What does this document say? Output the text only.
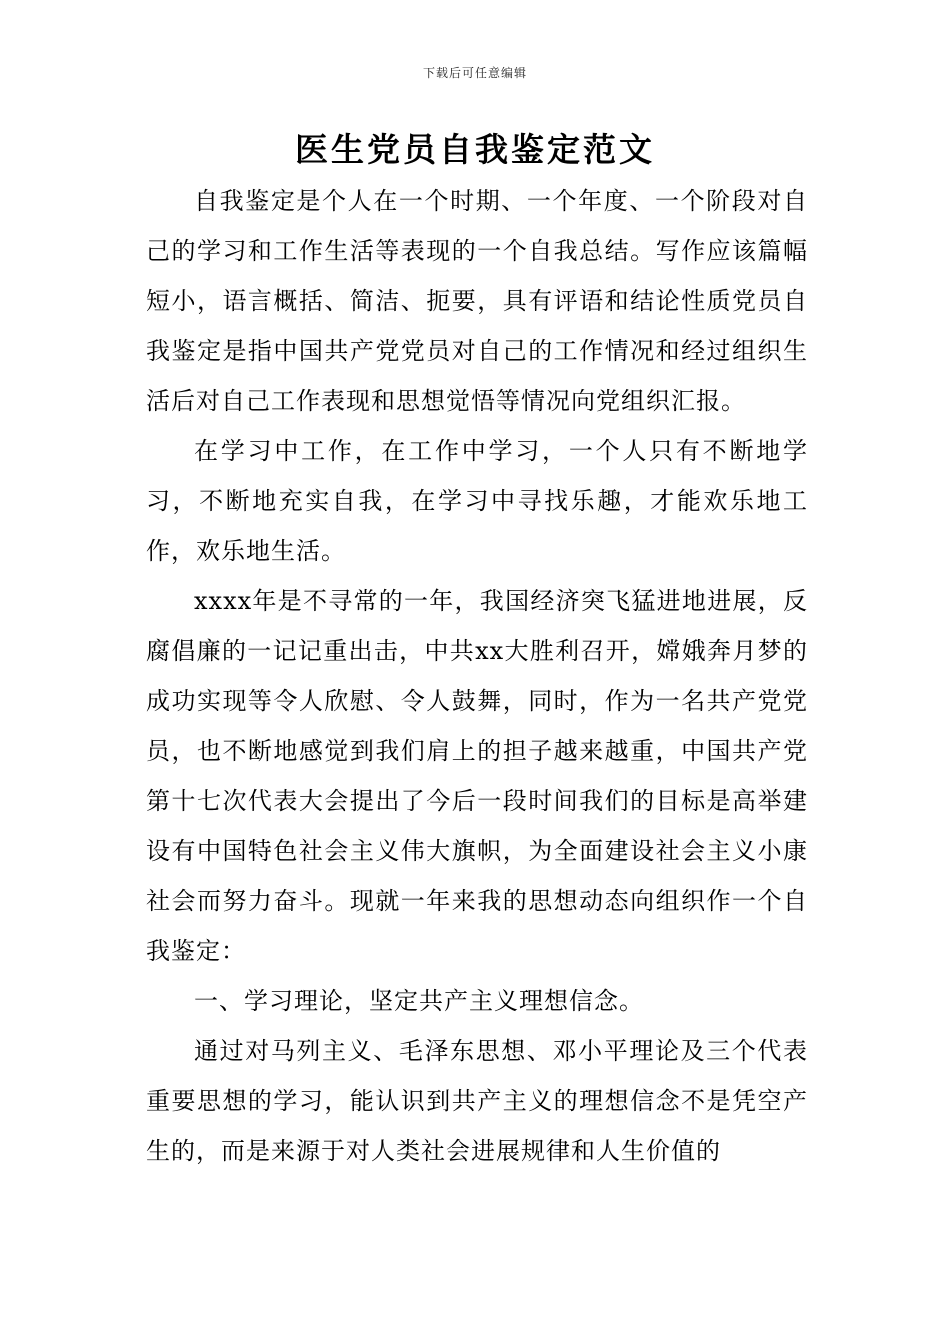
下载后可任意编辑
医生党员自我鉴定范文

自我鉴定是个人在一个时期、一个年度、一个阶段对自己的学习和工作生活等表现的一个自我总结。写作应该篇幅短小，语言概括、简洁、扼要，具有评语和结论性质党员自我鉴定是指中国共产党党员对自己的工作情况和经过组织生活后对自己工作表现和思想觉悟等情况向党组织汇报。

在学习中工作，在工作中学习，一个人只有不断地学习，不断地充实自我，在学习中寻找乐趣，才能欢乐地工作，欢乐地生活。

xxxx年是不寻常的一年，我国经济突飞猛进地进展，反腐倡廉的一记记重出击，中共xx大胜利召开，嫦娥奔月梦的成功实现等令人欣慰、令人鼓舞，同时，作为一名共产党党员，也不断地感觉到我们肩上的担子越来越重，中国共产党第十七次代表大会提出了今后一段时间我们的目标是高举建设有中国特色社会主义伟大旗帜，为全面建设社会主义小康社会而努力奋斗。现就一年来我的思想动态向组织作一个自我鉴定：

一、学习理论，坚定共产主义理想信念。

通过对马列主义、毛泽东思想、邓小平理论及三个代表重要思想的学习，能认识到共产主义的理想信念不是凭空产生的，而是来源于对人类社会进展规律和人生价值的
